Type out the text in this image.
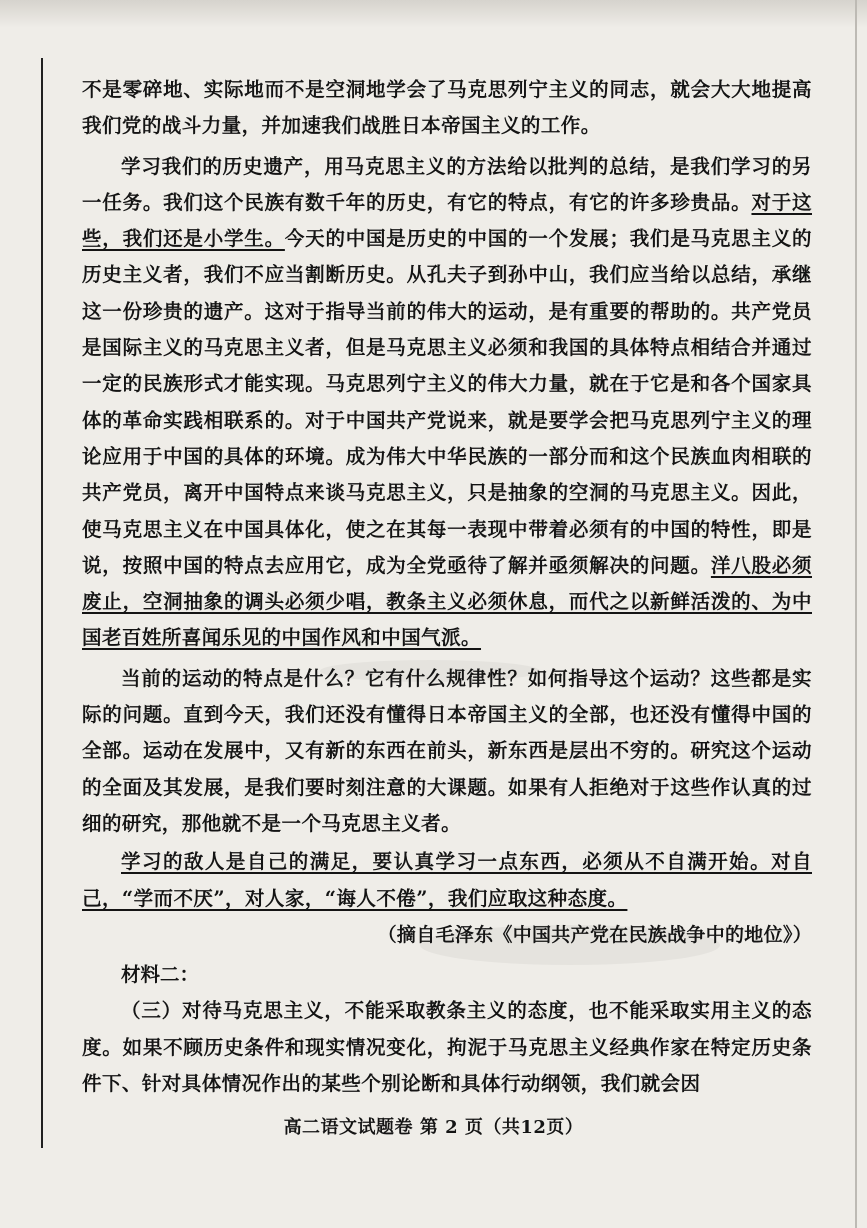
不是零碎地、实际地而不是空洞地学会了马克思列宁主义的同志，就会大大地提高我们党的战斗力量，并加速我们战胜日本帝国主义的工作。

学习我们的历史遗产，用马克思主义的方法给以批判的总结，是我们学习的另一任务。我们这个民族有数千年的历史，有它的特点，有它的许多珍贵品。对于这些，我们还是小学生。今天的中国是历史的中国的一个发展；我们是马克思主义的历史主义者，我们不应当割断历史。从孔夫子到孙中山，我们应当给以总结，承继这一份珍贵的遗产。这对于指导当前的伟大的运动，是有重要的帮助的。共产党员是国际主义的马克思主义者，但是马克思主义必须和我国的具体特点相结合并通过一定的民族形式才能实现。马克思列宁主义的伟大力量，就在于它是和各个国家具体的革命实践相联系的。对于中国共产党说来，就是要学会把马克思列宁主义的理论应用于中国的具体的环境。成为伟大中华民族的一部分而和这个民族血肉相联的共产党员，离开中国特点来谈马克思主义，只是抽象的空洞的马克思主义。因此，使马克思主义在中国具体化，使之在其每一表现中带着必须有的中国的特性，即是说，按照中国的特点去应用它，成为全党亟待了解并亟须解决的问题。洋八股必须废止，空洞抽象的调头必须少唱，教条主义必须休息，而代之以新鲜活泼的、为中国老百姓所喜闻乐见的中国作风和中国气派。

当前的运动的特点是什么？它有什么规律性？如何指导这个运动？这些都是实际的问题。直到今天，我们还没有懂得日本帝国主义的全部，也还没有懂得中国的全部。运动在发展中，又有新的东西在前头，新东西是层出不穷的。研究这个运动的全面及其发展，是我们要时刻注意的大课题。如果有人拒绝对于这些作认真的过细的研究，那他就不是一个马克思主义者。

学习的敌人是自己的满足，要认真学习一点东西，必须从不自满开始。对自己，“学而不厌”，对人家，“诲人不倦”，我们应取这种态度。

（摘自毛泽东《中国共产党在民族战争中的地位》）

材料二：

（三）对待马克思主义，不能采取教条主义的态度，也不能采取实用主义的态度。如果不顾历史条件和现实情况变化，拘泥于马克思主义经典作家在特定历史条件下、针对具体情况作出的某些个别论断和具体行动纲领，我们就会因

高二语文试题卷 第 2 页（共12页）
